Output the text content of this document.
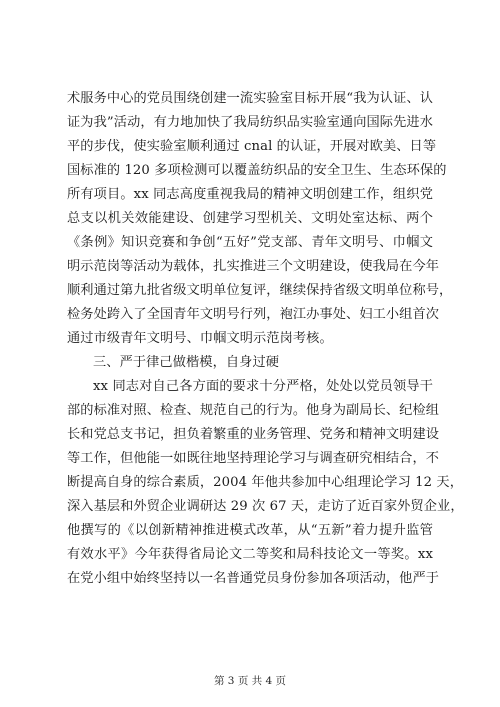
术服务中心的党员围绕创建一流实验室目标开展“我为认证、认
证为我”活动，有力地加快了我局纺织品实验室通向国际先进水
平的步伐，使实验室顺利通过 cnal 的认证，开展对欧美、日等
国标准的 120 多项检测可以覆盖纺织品的安全卫生、生态环保的
所有项目。xx 同志高度重视我局的精神文明创建工作，组织党
总支以机关效能建设、创建学习型机关、文明处室达标、两个
《条例》知识竞赛和争创“五好”党支部、青年文明号、巾帼文
明示范岗等活动为载体，扎实推进三个文明建设，使我局在今年
顺利通过第九批省级文明单位复评，继续保持省级文明单位称号，
检务处跨入了全国青年文明号行列，袍江办事处、妇工小组首次
通过市级青年文明号、巾帼文明示范岗考核。
三、严于律己做楷模，自身过硬
xx 同志对自己各方面的要求十分严格，处处以党员领导干
部的标准对照、检查、规范自己的行为。他身为副局长、纪检组
长和党总支书记，担负着繁重的业务管理、党务和精神文明建设
等工作，但他能一如既往地坚持理论学习与调查研究相结合，不
断提高自身的综合素质，2004 年他共参加中心组理论学习 12 天，
深入基层和外贸企业调研达 29 次 67 天，走访了近百家外贸企业，
他撰写的《以创新精神推进模式改革，从“五新”着力提升监管
有效水平》今年获得省局论文二等奖和局科技论文一等奖。xx
在党小组中始终坚持以一名普通党员身份参加各项活动，他严于
第 3 页 共 4 页
